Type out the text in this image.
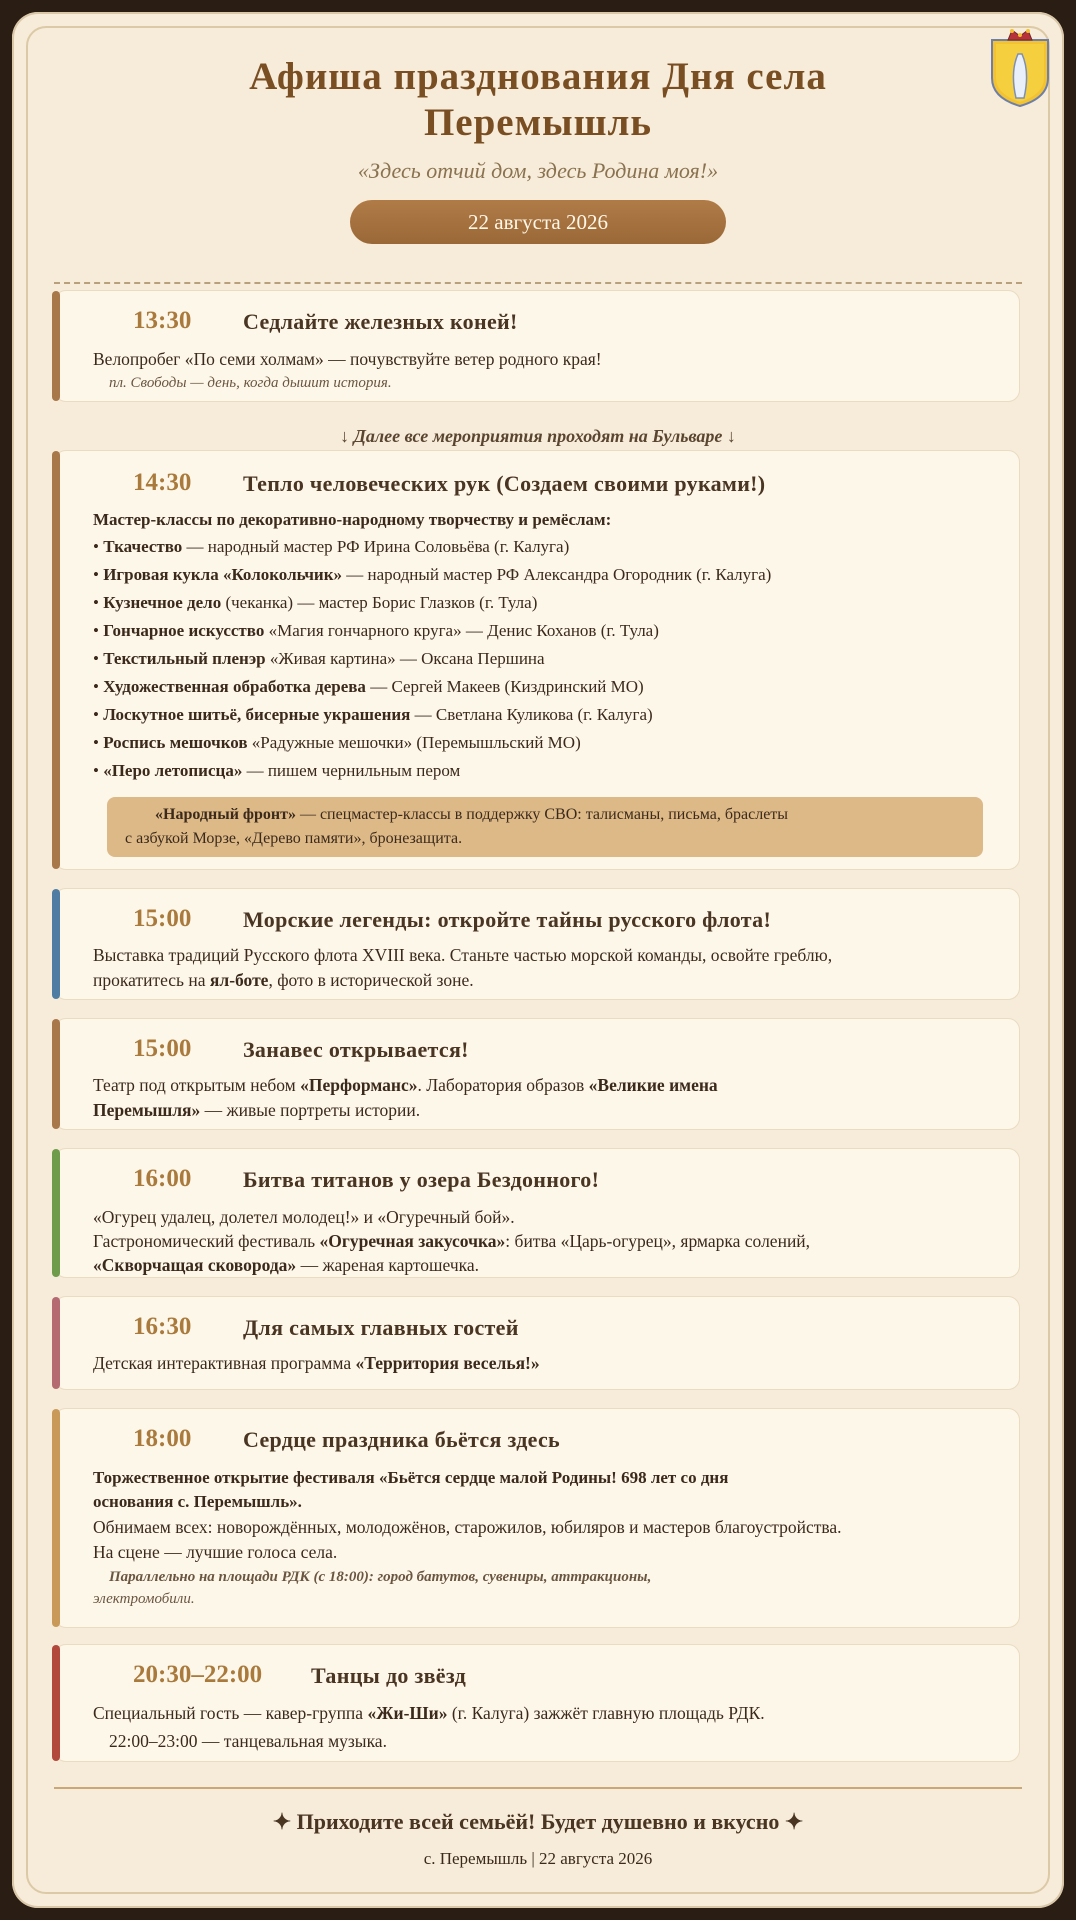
Афиша празднования Дня села
Перемышль
«Здесь отчий дом, здесь Родина моя!»
22 августа 2026
13:30 Седлайте железных коней!
Велопробег «По семи холмам» — почувствуйте ветер родного края!
пл. Свободы — день, когда дышит история.
↓ Далее все мероприятия проходят на Бульваре ↓
14:30 Тепло человеческих рук (Создаем своими руками!)
Мастер-классы по декоративно-народному творчеству и ремёслам:
• Ткачество — народный мастер РФ Ирина Соловьёва (г. Калуга)
• Игровая кукла «Колокольчик» — народный мастер РФ Александра Огородник (г. Калуга)
• Кузнечное дело (чеканка) — мастер Борис Глазков (г. Тула)
• Гончарное искусство «Магия гончарного круга» — Денис Коханов (г. Тула)
• Текстильный пленэр «Живая картина» — Оксана Першина
• Художественная обработка дерева — Сергей Макеев (Киздринский МО)
• Лоскутное шитьё, бисерные украшения — Светлана Куликова (г. Калуга)
• Роспись мешочков «Радужные мешочки» (Перемышльский МО)
• «Перо летописца» — пишем чернильным пером
«Народный фронт» — спецмастер-классы в поддержку СВО: талисманы, письма, браслеты
с азбукой Морзе, «Дерево памяти», бронезащита.
15:00 Морские легенды: откройте тайны русского флота!
Выставка традиций Русского флота XVIII века. Станьте частью морской команды, освойте греблю,
прокатитесь на ял-боте, фото в исторической зоне.
15:00 Занавес открывается!
Театр под открытым небом «Перформанс». Лаборатория образов «Великие имена
Перемышля» — живые портреты истории.
16:00 Битва титанов у озера Бездонного!
«Огурец удалец, долетел молодец!» и «Огуречный бой».
Гастрономический фестиваль «Огуречная закусочка»: битва «Царь-огурец», ярмарка солений,
«Скворчащая сковорода» — жареная картошечка.
16:30 Для самых главных гостей
Детская интерактивная программа «Территория веселья!»
18:00 Сердце праздника бьётся здесь
Торжественное открытие фестиваля «Бьётся сердце малой Родины! 698 лет со дня
основания с. Перемышль».
Обнимаем всех: новорождённых, молодожёнов, старожилов, юбиляров и мастеров благоустройства.
На сцене — лучшие голоса села.
Параллельно на площади РДК (с 18:00): город батутов, сувениры, аттракционы,
электромобили.
20:30–22:00 Танцы до звёзд
Специальный гость — кавер-группа «Жи-Ши» (г. Калуга) зажжёт главную площадь РДК.
22:00–23:00 — танцевальная музыка.
✦ Приходите всей семьёй! Будет душевно и вкусно ✦
с. Перемышль | 22 августа 2026
